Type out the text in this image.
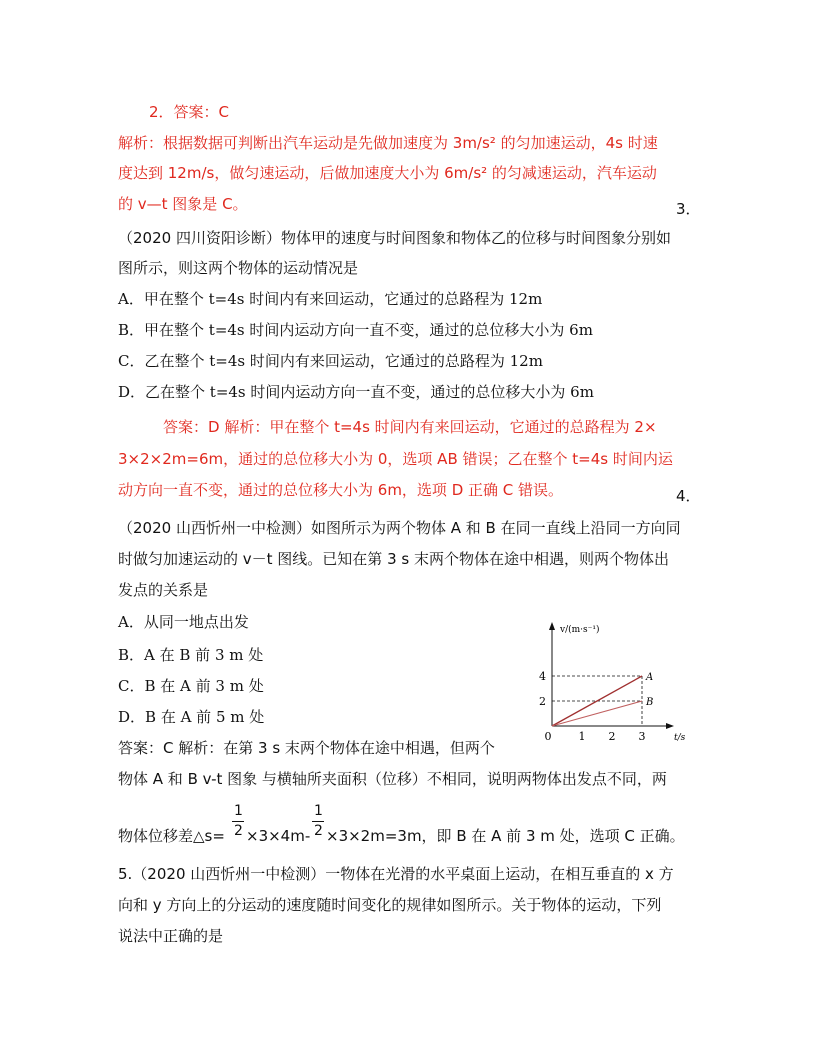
2．答案：C
解析：根据数据可判断出汽车运动是先做加速度为 3m/s² 的匀加速运动，4s 时速
度达到 12m/s，做匀速运动，后做加速度大小为 6m/s² 的匀减速运动，汽车运动
的 v—t 图象是 C。	3．
（2020 四川资阳诊断）物体甲的速度与时间图象和物体乙的位移与时间图象分别如
图所示，则这两个物体的运动情况是
A．甲在整个 t=4s 时间内有来回运动，它通过的总路程为 12m
B．甲在整个 t=4s 时间内运动方向一直不变，通过的总位移大小为 6m
C．乙在整个 t=4s 时间内有来回运动，它通过的总路程为 12m
D．乙在整个 t=4s 时间内运动方向一直不变，通过的总位移大小为 6m
答案：D 解析：甲在整个 t=4s 时间内有来回运动，它通过的总路程为 2×
3×2×2m=6m，通过的总位移大小为 0，选项 AB 错误；乙在整个 t=4s 时间内运
动方向一直不变，通过的总位移大小为 6m，选项 D 正确 C 错误。	4．
（2020 山西忻州一中检测）如图所示为两个物体 A 和 B 在同一直线上沿同一方向同
时做匀加速运动的 v－t 图线。已知在第 3 s 末两个物体在途中相遇，则两个物体出
发点的关系是
A．从同一地点出发
B．A 在 B 前 3 m 处
C．B 在 A 前 3 m 处
D．B 在 A 前 5 m 处
v/(m·s⁻¹)
t/s
4
2
0 1 2 3
A
B
答案：C 解析：在第 3 s 末两个物体在途中相遇，但两个
物体 A 和 B v-t 图象 与横轴所夹面积（位移）不相同，说明两物体出发点不同，两
物体位移差△s=
1
2 ×3×4m-
1
2 ×3×2m=3m，即 B 在 A 前 3 m 处，选项 C 正确。
5.（2020 山西忻州一中检测）一物体在光滑的水平桌面上运动，在相互垂直的 x 方
向和 y 方向上的分运动的速度随时间变化的规律如图所示。关于物体的运动，下列
说法中正确的是
